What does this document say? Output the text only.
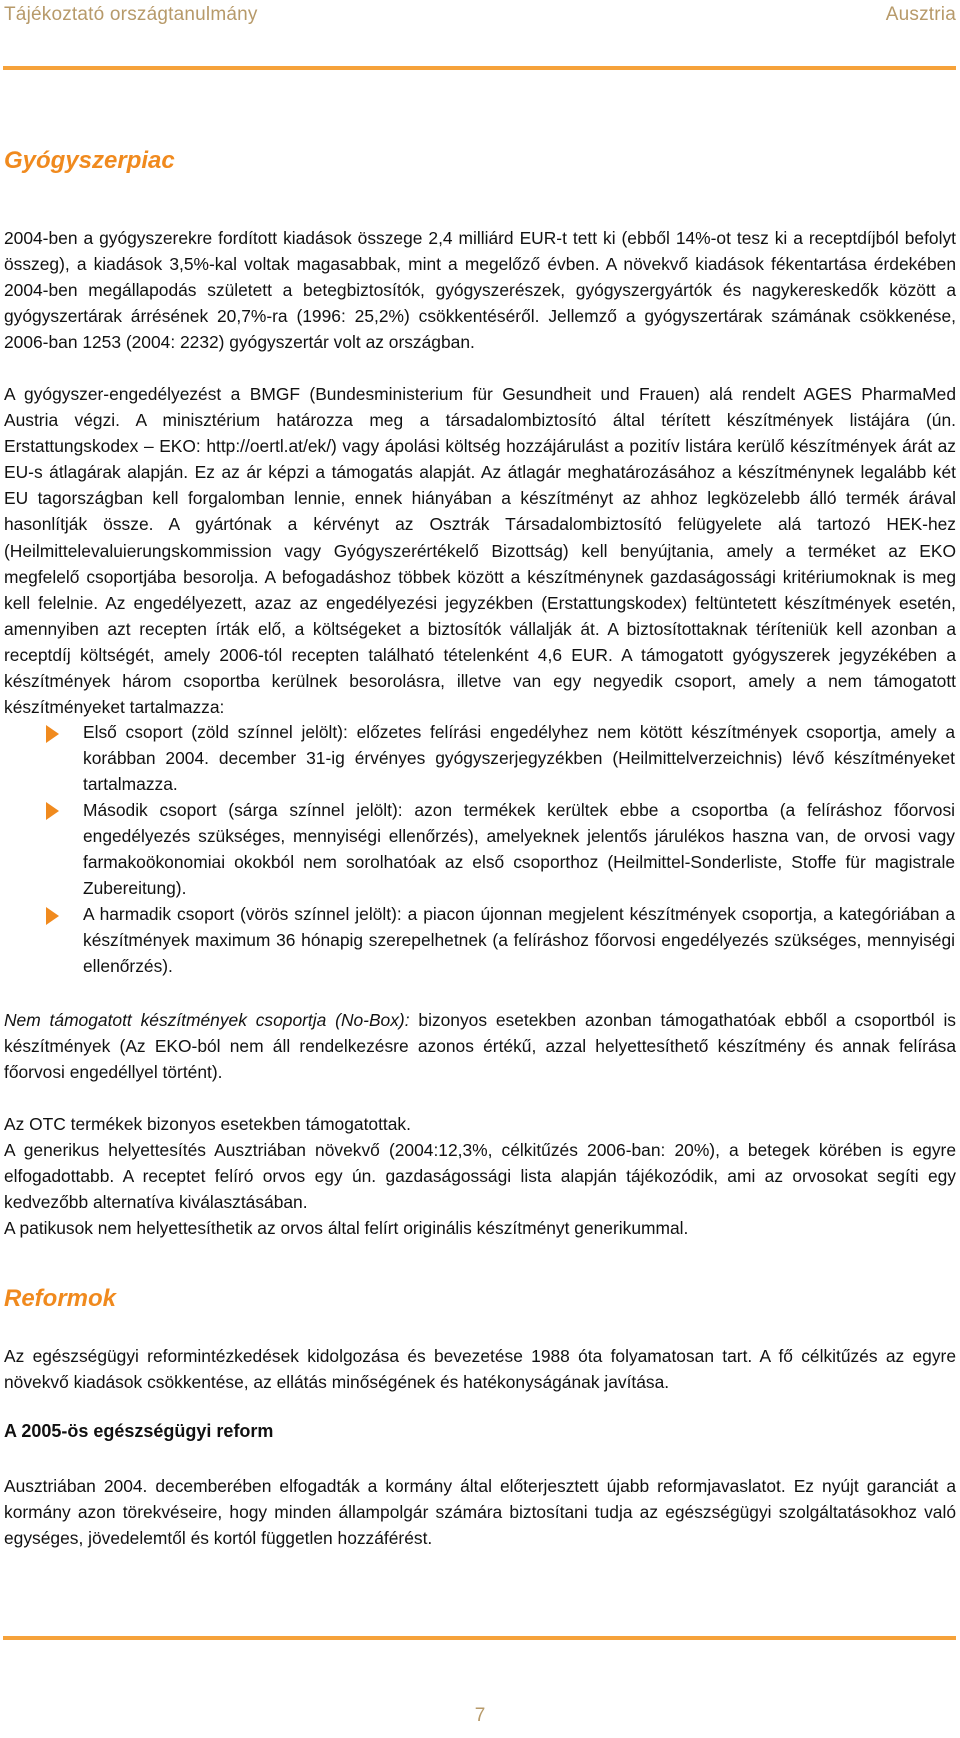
Tájékoztató országtanulmány	Ausztria
Gyógyszerpiac
2004-ben a gyógyszerekre fordított kiadások összege 2,4 milliárd EUR-t tett ki (ebből 14%-ot tesz ki a receptdíjból befolyt összeg), a kiadások 3,5%-kal voltak magasabbak, mint a megelőző évben. A növekvő kiadások fékentartása érdekében 2004-ben megállapodás született a betegbiztosítók, gyógyszerészek, gyógyszergyártók és nagykereskedők között a gyógyszertárak árrésének 20,7%-ra (1996: 25,2%) csökkentéséről. Jellemző a gyógyszertárak számának csökkenése, 2006-ban 1253 (2004: 2232) gyógyszertár volt az országban.
A gyógyszer-engedélyezést a BMGF (Bundesministerium für Gesundheit und Frauen) alá rendelt AGES PharmaMed Austria végzi. A minisztérium határozza meg a társadalombiztosító által térített készítmények listájára (ún. Erstattungskodex – EKO: http://oertl.at/ek/) vagy ápolási költség hozzájárulást a pozitív listára kerülő készítmények árát az EU-s átlagárak alapján. Ez az ár képzi a támogatás alapját. Az átlagár meghatározásához a készítménynek legalább két EU tagországban kell forgalomban lennie, ennek hiányában a készítményt az ahhoz legközelebb álló termék árával hasonlítják össze. A gyártónak a kérvényt az Osztrák Társadalombiztosító felügyelete alá tartozó HEK-hez (Heilmittelevaluierungskommission vagy Gyógyszerértékelő Bizottság) kell benyújtania, amely a terméket az EKO megfelelő csoportjába besorolja. A befogadáshoz többek között a készítménynek gazdaságossági kritériumoknak is meg kell felelnie. Az engedélyezett, azaz az engedélyezési jegyzékben (Erstattungskodex) feltüntetett készítmények esetén, amennyiben azt recepten írták elő, a költségeket a biztosítók vállalják át. A biztosítottaknak téríteniük kell azonban a receptdíj költségét, amely 2006-tól recepten található tételenként 4,6 EUR. A támogatott gyógyszerek jegyzékében a készítmények három csoportba kerülnek besorolásra, illetve van egy negyedik csoport, amely a nem támogatott készítményeket tartalmazza:
Első csoport (zöld színnel jelölt): előzetes felírási engedélyhez nem kötött készítmények csoportja, amely a korábban 2004. december 31-ig érvényes gyógyszerjegyzékben (Heilmittelverzeichnis) lévő készítményeket tartalmazza.
Második csoport (sárga színnel jelölt): azon termékek kerültek ebbe a csoportba (a felíráshoz főorvosi engedélyezés szükséges, mennyiségi ellenőrzés), amelyeknek jelentős járulékos haszna van, de orvosi vagy farmakoökonomiai okokból nem sorolhatóak az első csoporthoz (Heilmittel-Sonderliste, Stoffe für magistrale Zubereitung).
A harmadik csoport (vörös színnel jelölt): a piacon újonnan megjelent készítmények csoportja, a kategóriában a készítmények maximum 36 hónapig szerepelhetnek (a felíráshoz főorvosi engedélyezés szükséges, mennyiségi ellenőrzés).
Nem támogatott készítmények csoportja (No-Box): bizonyos esetekben azonban támogathatóak ebből a csoportból is készítmények (Az EKO-ból nem áll rendelkezésre azonos értékű, azzal helyettesíthető készítmény és annak felírása főorvosi engedéllyel történt).
Az OTC termékek bizonyos esetekben támogatottak.
A generikus helyettesítés Ausztriában növekvő (2004:12,3%, célkitűzés 2006-ban: 20%), a betegek körében is egyre elfogadottabb. A receptet felíró orvos egy ún. gazdaságossági lista alapján tájékozódik, ami az orvosokat segíti egy kedvezőbb alternatíva kiválasztásában.
A patikusok nem helyettesíthetik az orvos által felírt originális készítményt generikummal.
Reformok
Az egészségügyi reformintézkedések kidolgozása és bevezetése 1988 óta folyamatosan tart. A fő célkitűzés az egyre növekvő kiadások csökkentése, az ellátás minőségének és hatékonyságának javítása.
A 2005-ös egészségügyi reform
Ausztriában 2004. decemberében elfogadták a kormány által előterjesztett újabb reformjavaslatot. Ez nyújt garanciát a kormány azon törekvéseire, hogy minden állampolgár számára biztosítani tudja az egészségügyi szolgáltatásokhoz való egységes, jövedelemtől és kortól független hozzáférést.
7
